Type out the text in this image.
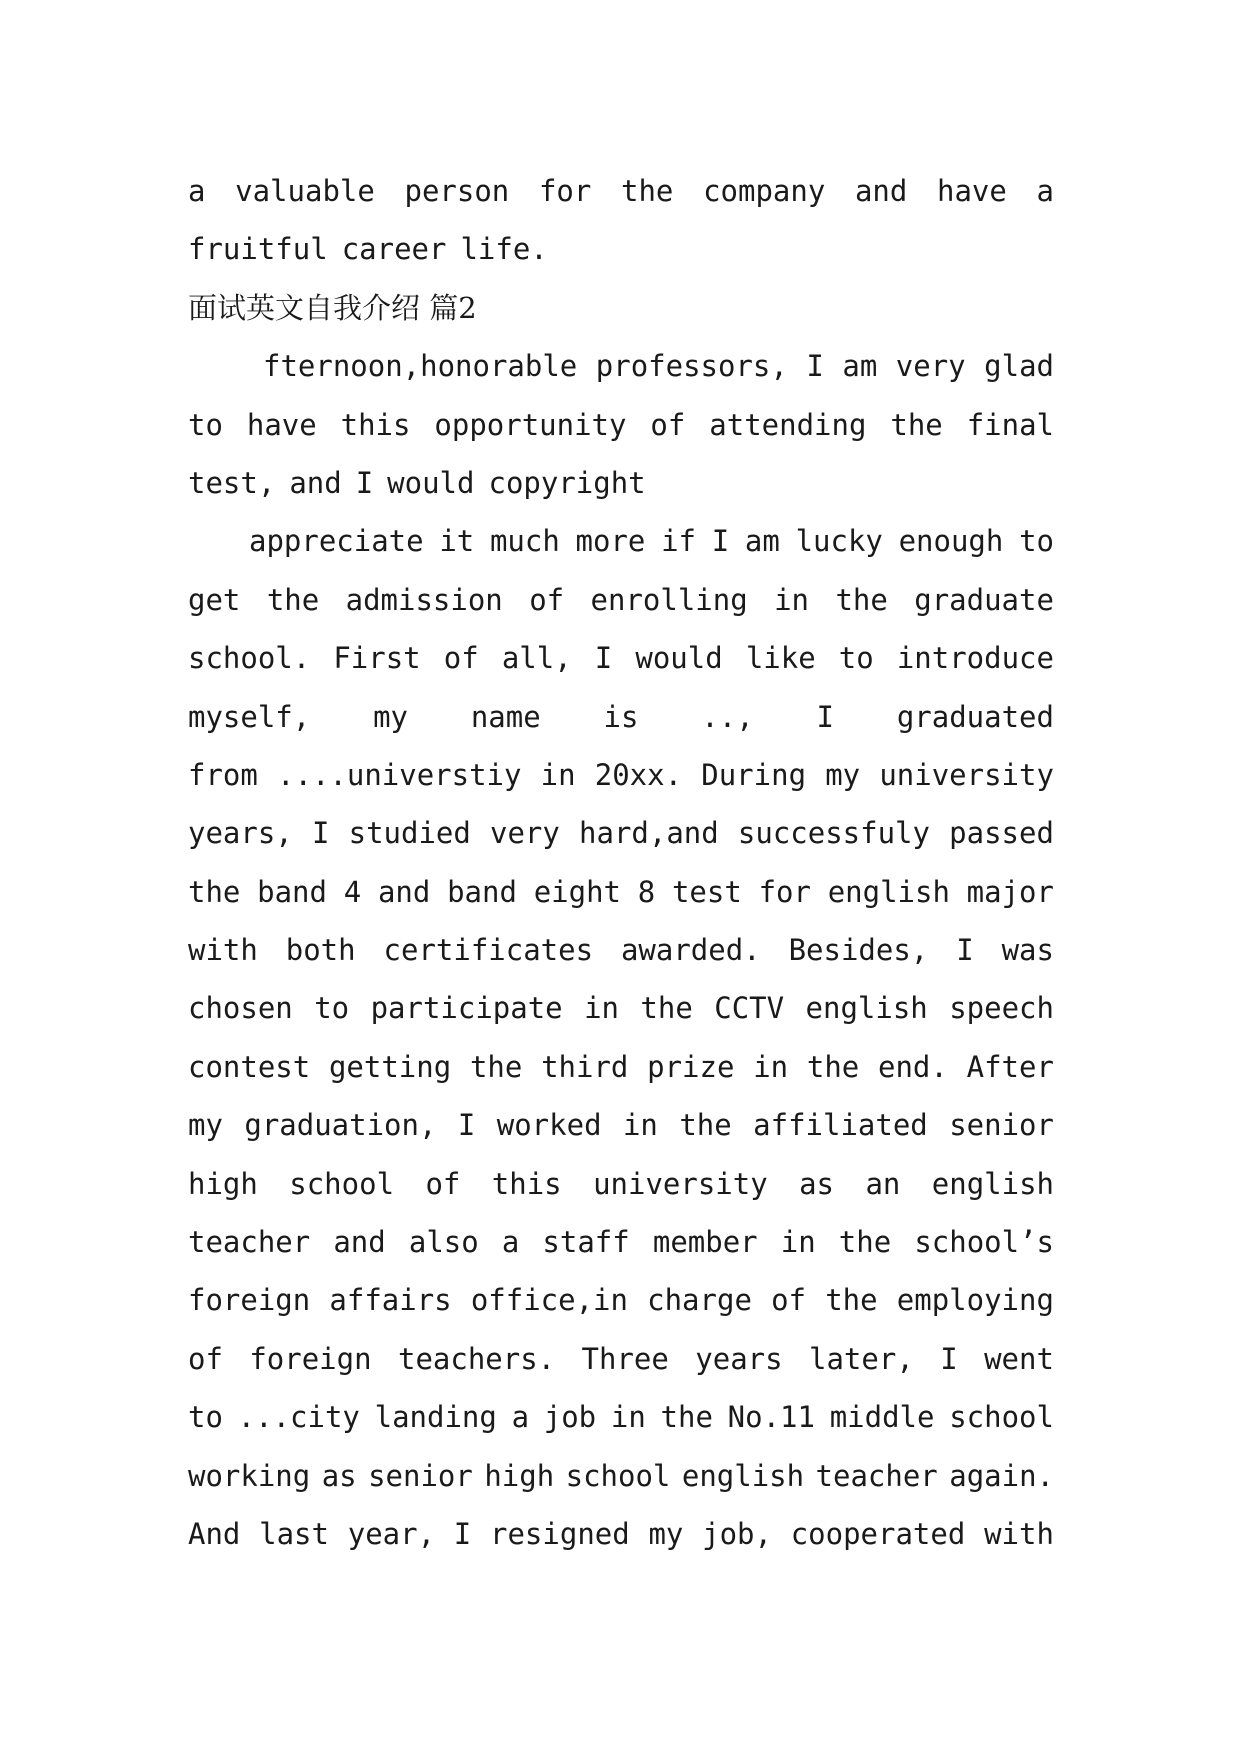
a valuable person for the company and have a
fruitful career life.
面试英文自我介绍 篇2
fternoon,honorable professors, I am very glad
to have this opportunity of attending the final
test, and I would copyright
appreciate it much more if I am lucky enough to
get the admission of enrolling in the graduate
school. First of all, I would like to introduce
myself, my name is .., I graduated
from ....universtiy in 20xx. During my university
years, I studied very hard,and successfuly passed
the band 4 and band eight 8 test for english major
with both certificates awarded. Besides, I was
chosen to participate in the CCTV english speech
contest getting the third prize in the end. After
my graduation, I worked in the affiliated senior
high school of this university as an english
teacher and also a staff member in the school’s
foreign affairs office,in charge of the employing
of foreign teachers. Three years later, I went
to ...city landing a job in the No.11 middle school
working as senior high school english teacher again.
And last year, I resigned my job, cooperated with
